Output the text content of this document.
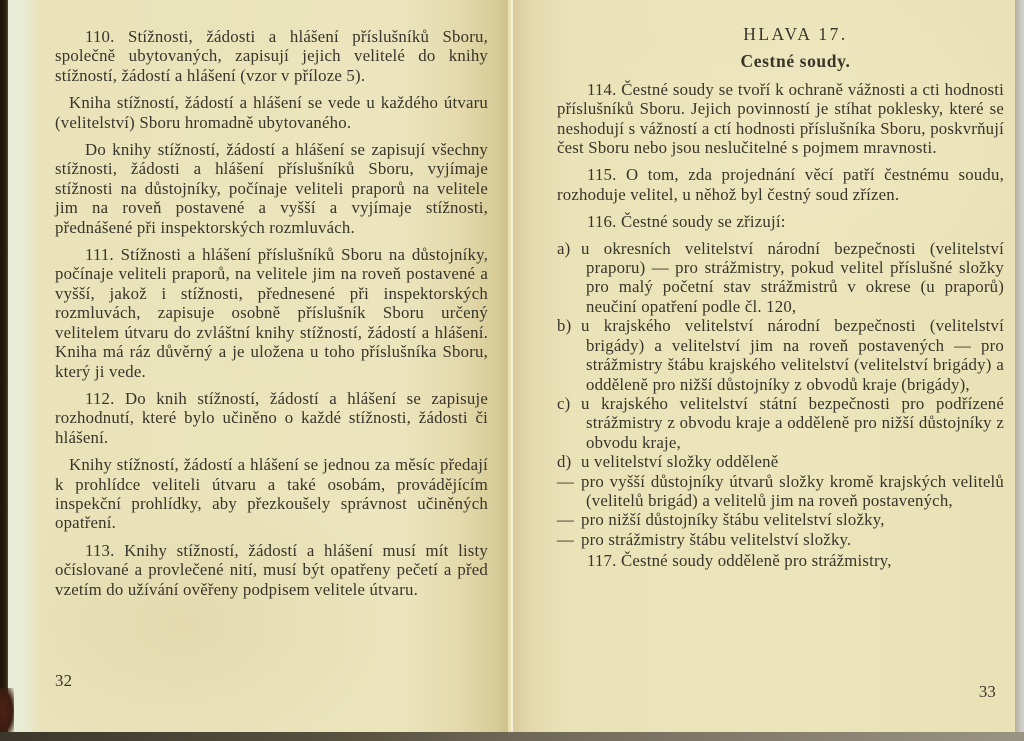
110. Stížnosti, žádosti a hlášení příslušníků Sboru, společně ubytovaných, zapisují jejich velitelé do knihy stížností, žádostí a hlášení (vzor v příloze 5).

Kniha stížností, žádostí a hlášení se vede u každého útvaru (velitelství) Sboru hromadně ubytovaného.

Do knihy stížností, žádostí a hlášení se zapisují všechny stížnosti, žádosti a hlášení příslušníků Sboru, vyjímaje stížnosti na důstojníky, počínaje veliteli praporů na velitele jim na roveň postavené a vyšší a vyjímaje stížnosti, přednášené při inspektorských rozmluvách.

111. Stížnosti a hlášení příslušníků Sboru na důstojníky, počínaje veliteli praporů, na velitele jim na roveň postavené a vyšší, jakož i stížnosti, přednesené při inspektorských rozmluvách, zapisuje osobně příslušník Sboru určený velitelem útvaru do zvláštní knihy stížností, žádostí a hlášení. Kniha má ráz důvěrný a je uložena u toho příslušníka Sboru, který ji vede.

112. Do knih stížností, žádostí a hlášení se zapisuje rozhodnutí, které bylo učiněno o každé stížnosti, žádosti či hlášení.

Knihy stížností, žádostí a hlášení se jednou za měsíc předají k prohlídce veliteli útvaru a také osobám, provádějícím inspekční prohlídky, aby přezkoušely správnost učiněných opatření.

113. Knihy stížností, žádostí a hlášení musí mít listy očíslované a provlečené nití, musí být opatřeny pečetí a před vzetím do užívání ověřeny podpisem velitele útvaru.

32

HLAVA 17.

Cestné soudy.

114. Čestné soudy se tvoří k ochraně vážnosti a cti hodnosti příslušníků Sboru. Jejich povinností je stíhat poklesky, které se neshodují s vážností a ctí hodnosti příslušníka Sboru, poskvrňují čest Sboru nebo jsou neslučitelné s pojmem mravnosti.

115. O tom, zda projednání věcí patří čestnému soudu, rozhoduje velitel, u něhož byl čestný soud zřízen.

116. Čestné soudy se zřizují:

a) u okresních velitelství národní bezpečnosti (velitelství praporu) — pro strážmistry, pokud velitel příslušné složky pro malý početní stav strážmistrů v okrese (u praporů) neučiní opatření podle čl. 120,
b) u krajského velitelství národní bezpečnosti (velitelství brigády) a velitelství jim na roveň postavených — pro strážmistry štábu krajského velitelství (velitelství brigády) a odděleně pro nižší důstojníky z obvodů kraje (brigády),
c) u krajského velitelství státní bezpečnosti pro podřízené strážmistry z obvodu kraje a odděleně pro nižší důstojníky z obvodu kraje,
d) u velitelství složky odděleně
— pro vyšší důstojníky útvarů složky kromě krajských velitelů (velitelů brigád) a velitelů jim na roveň postavených,
— pro nižší důstojníky štábu velitelství složky,
— pro strážmistry štábu velitelství složky.

117. Čestné soudy odděleně pro strážmistry,

33
